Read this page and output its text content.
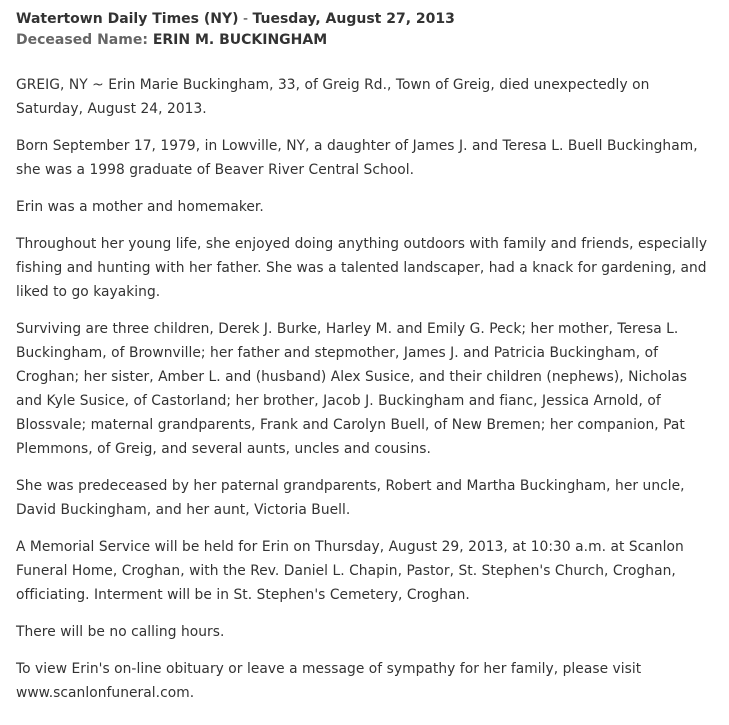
Watertown Daily Times (NY) - Tuesday, August 27, 2013
Deceased Name: ERIN M. BUCKINGHAM

GREIG, NY ~ Erin Marie Buckingham, 33, of Greig Rd., Town of Greig, died unexpectedly on Saturday, August 24, 2013.

Born September 17, 1979, in Lowville, NY, a daughter of James J. and Teresa L. Buell Buckingham, she was a 1998 graduate of Beaver River Central School.

Erin was a mother and homemaker.

Throughout her young life, she enjoyed doing anything outdoors with family and friends, especially fishing and hunting with her father. She was a talented landscaper, had a knack for gardening, and liked to go kayaking.

Surviving are three children, Derek J. Burke, Harley M. and Emily G. Peck; her mother, Teresa L. Buckingham, of Brownville; her father and stepmother, James J. and Patricia Buckingham, of Croghan; her sister, Amber L. and (husband) Alex Susice, and their children (nephews), Nicholas and Kyle Susice, of Castorland; her brother, Jacob J. Buckingham and fianc, Jessica Arnold, of Blossvale; maternal grandparents, Frank and Carolyn Buell, of New Bremen; her companion, Pat Plemmons, of Greig, and several aunts, uncles and cousins.

She was predeceased by her paternal grandparents, Robert and Martha Buckingham, her uncle, David Buckingham, and her aunt, Victoria Buell.

A Memorial Service will be held for Erin on Thursday, August 29, 2013, at 10:30 a.m. at Scanlon Funeral Home, Croghan, with the Rev. Daniel L. Chapin, Pastor, St. Stephen's Church, Croghan, officiating. Interment will be in St. Stephen's Cemetery, Croghan.

There will be no calling hours.

To view Erin's on-line obituary or leave a message of sympathy for her family, please visit www.scanlonfuneral.com.
